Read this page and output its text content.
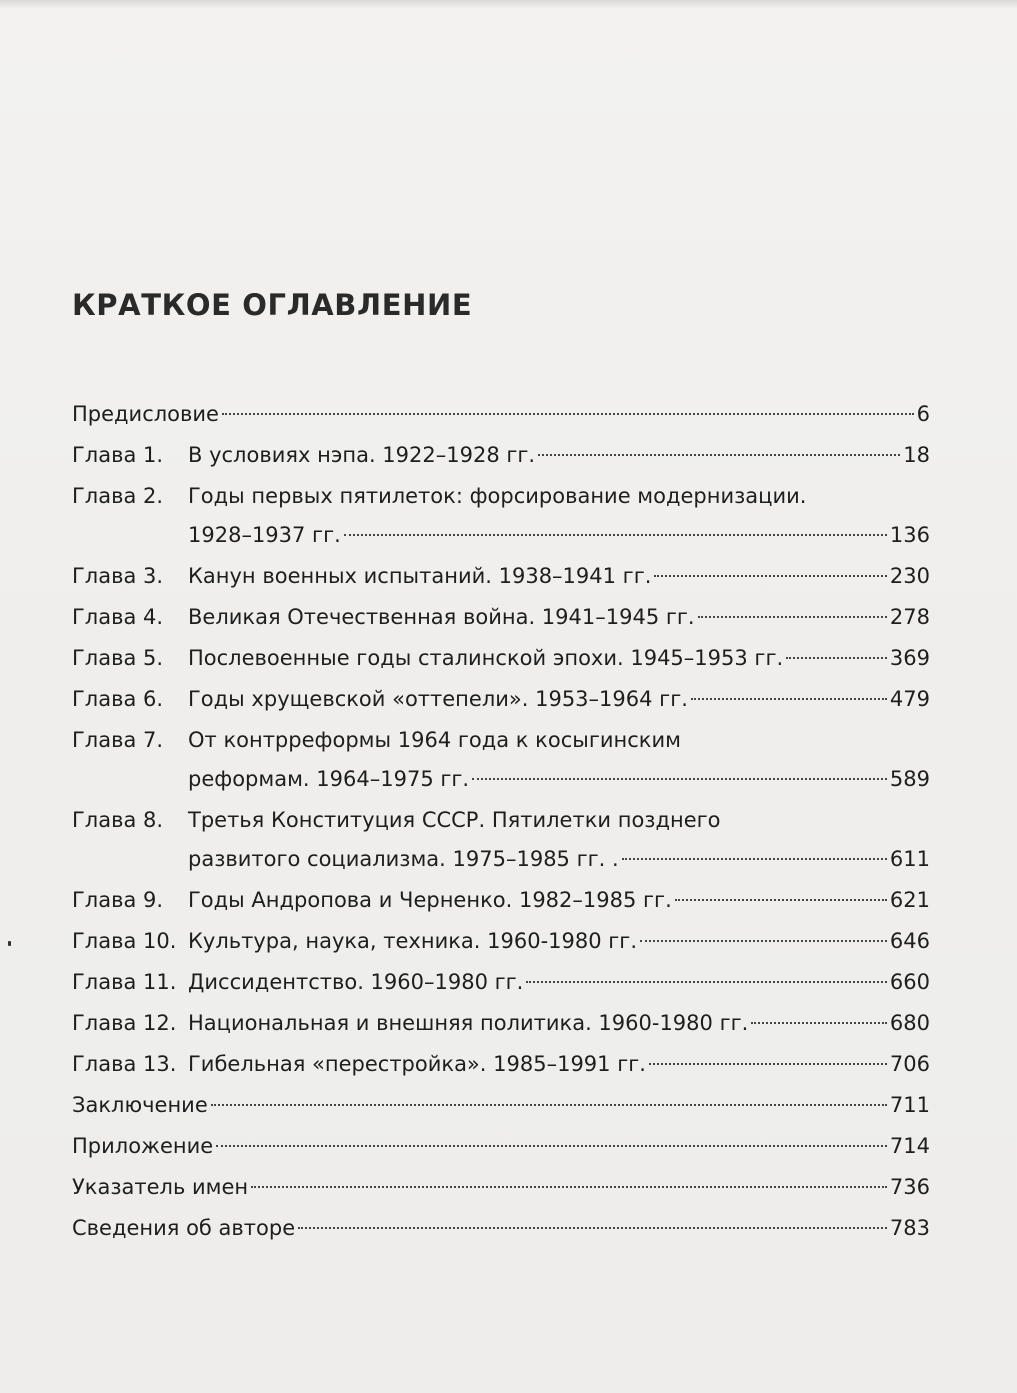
КРАТКОЕ ОГЛАВЛЕНИЕ
Предисловие	6
Глава 1.	В условиях нэпа. 1922–1928 гг.	18
Глава 2.	Годы первых пятилеток: форсирование модернизации.
1928–1937 гг.	136
Глава 3.	Канун военных испытаний. 1938–1941 гг.	230
Глава 4.	Великая Отечественная война. 1941–1945 гг.	278
Глава 5.	Послевоенные годы сталинской эпохи. 1945–1953 гг.	369
Глава 6.	Годы хрущевской «оттепели». 1953–1964 гг.	479
Глава 7.	От контрреформы 1964 года к косыгинским
реформам. 1964–1975 гг.	589
Глава 8.	Третья Конституция СССР. Пятилетки позднего
развитого социализма. 1975–1985 гг. .	611
Глава 9.	Годы Андропова и Черненко. 1982–1985 гг.	621
Глава 10. Культура, наука, техника. 1960-1980 гг.	646
Глава 11. Диссидентство. 1960–1980 гг.	660
Глава 12. Национальная и внешняя политика. 1960-1980 гг.	680
Глава 13. Гибельная «перестройка». 1985–1991 гг.	706
Заключение	711
Приложение	714
Указатель имен	736
Сведения об авторе	783
